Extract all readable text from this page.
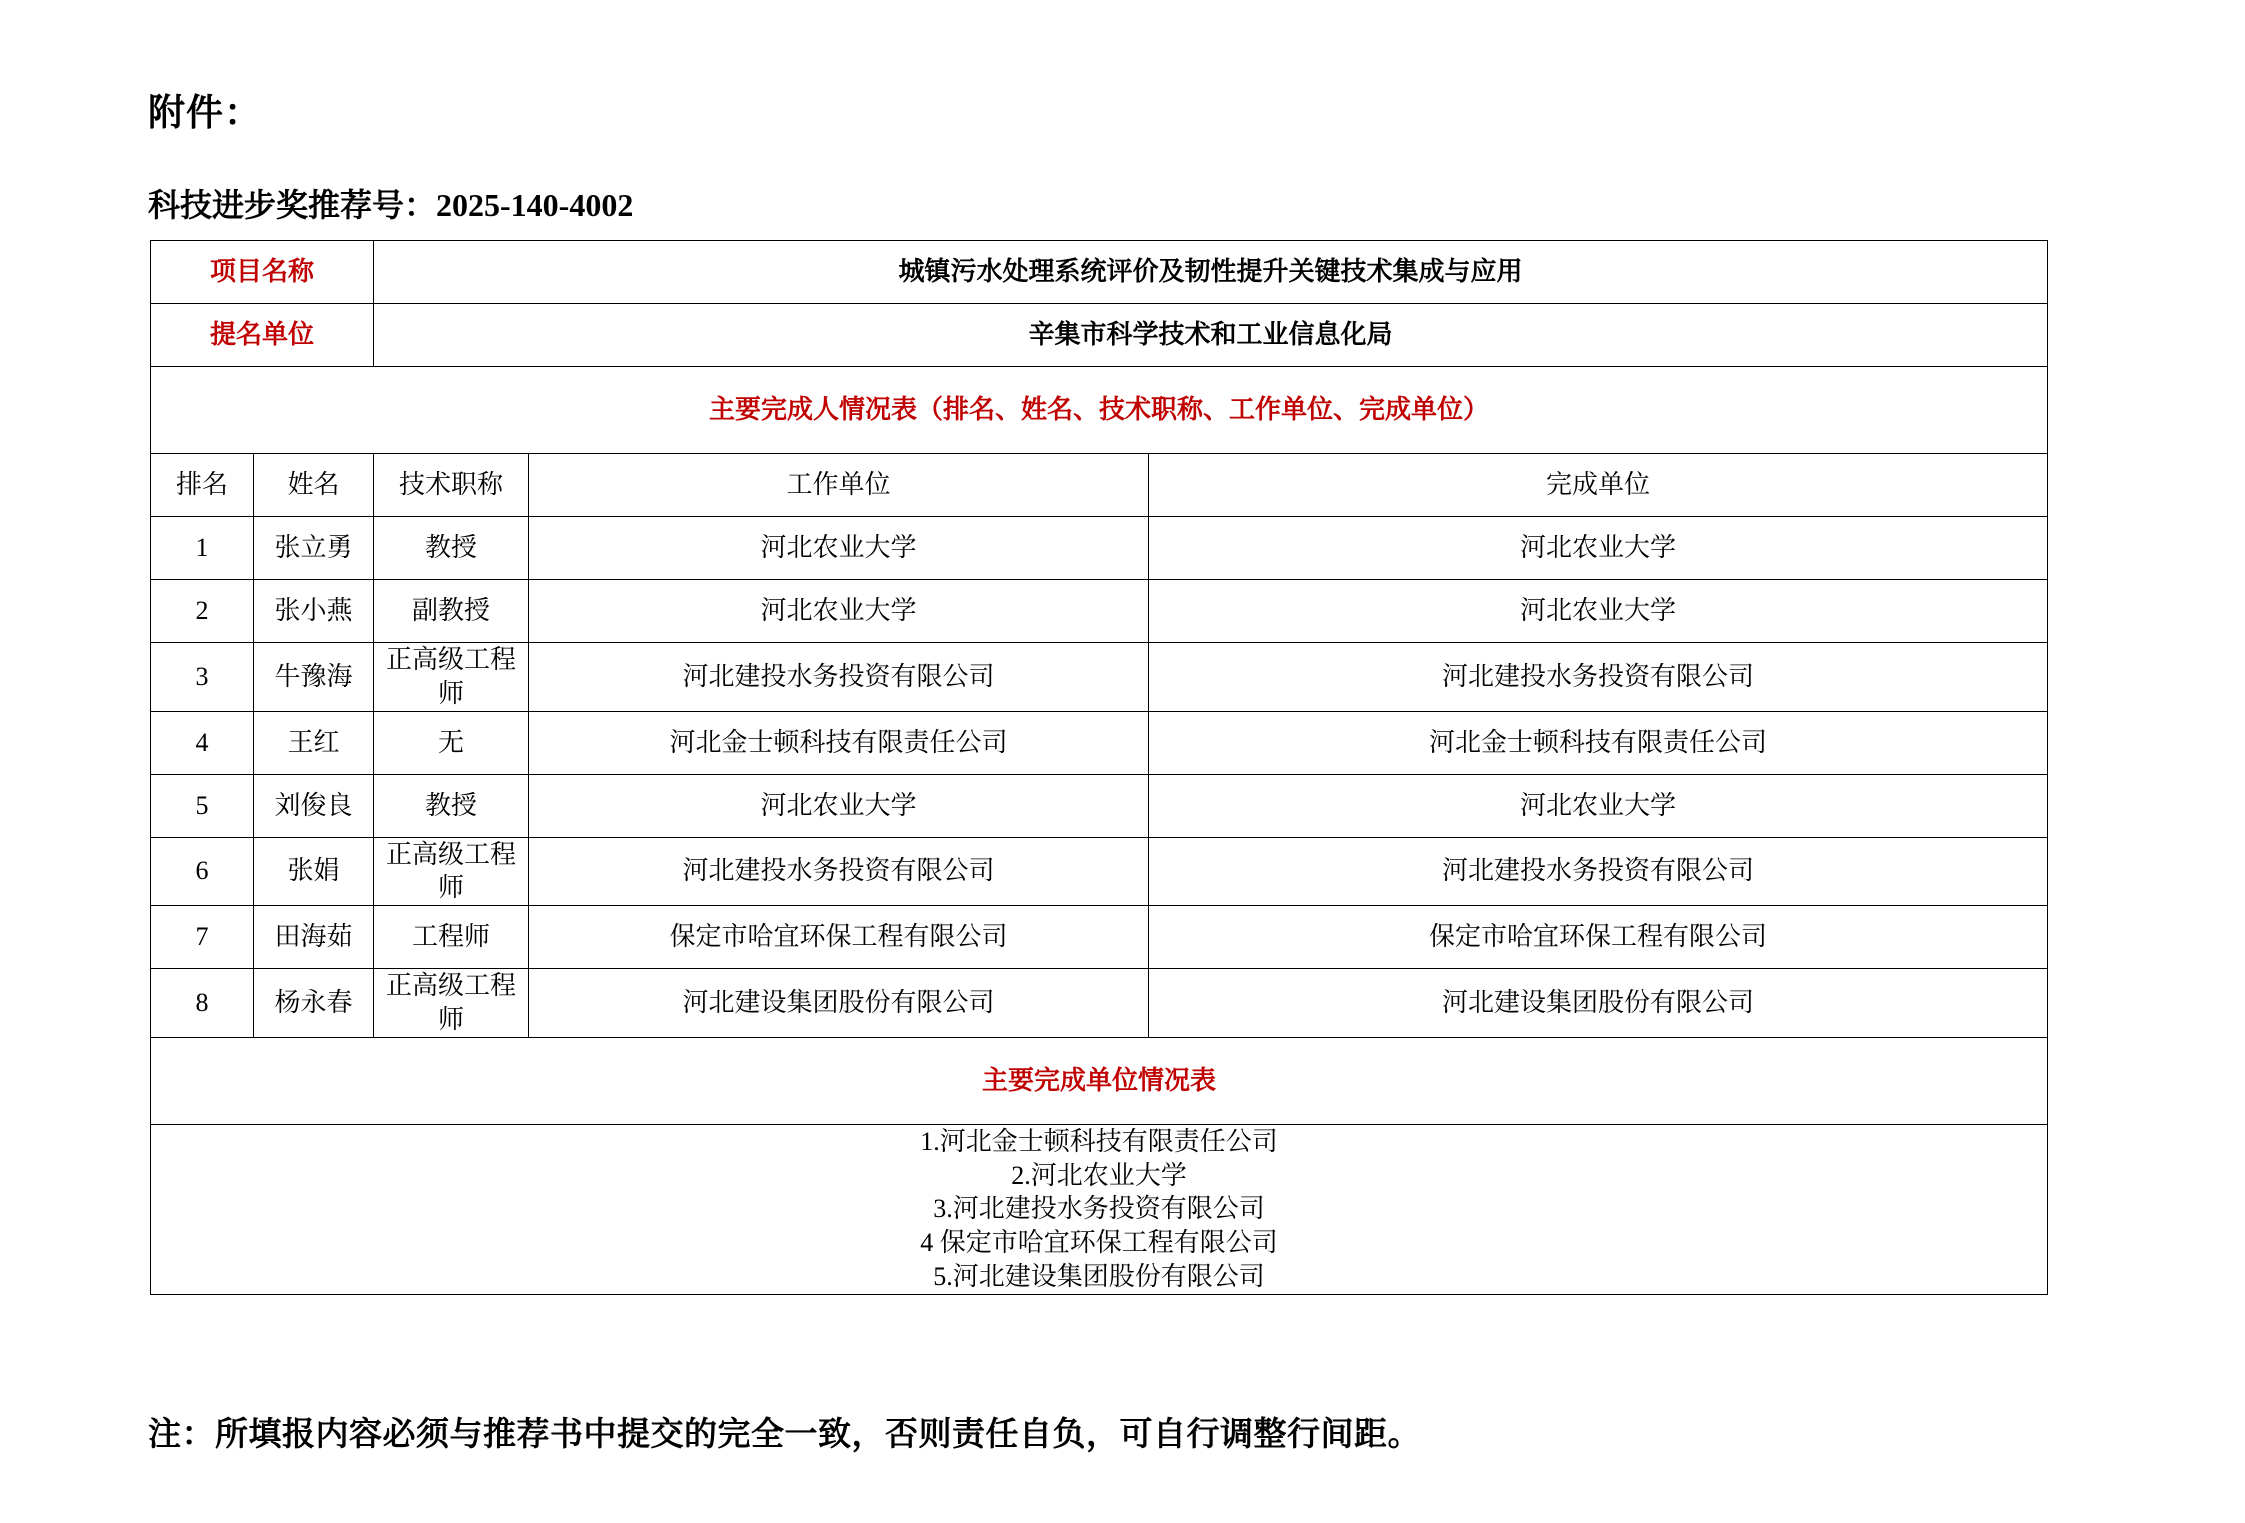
附件：
科技进步奖推荐号：2025-140-4002
项目名称		城镇污水处理系统评价及韧性提升关键技术集成与应用		
提名单位		辛集市科学技术和工业信息化局		
主要完成人情况表（排名、姓名、技术职称、工作单位、完成单位）				
排名	姓名	技术职称	工作单位	完成单位
1	张立勇	教授	河北农业大学	河北农业大学
2	张小燕	副教授	河北农业大学	河北农业大学
3	牛豫海	正高级工程师	河北建投水务投资有限公司	河北建投水务投资有限公司
4	王红	无	河北金士顿科技有限责任公司	河北金士顿科技有限责任公司
5	刘俊良	教授	河北农业大学	河北农业大学
6	张娟	正高级工程师	河北建投水务投资有限公司	河北建投水务投资有限公司
7	田海茹	工程师	保定市哈宜环保工程有限公司	保定市哈宜环保工程有限公司
8	杨永春	正高级工程师	河北建设集团股份有限公司	河北建设集团股份有限公司
主要完成单位情况表				

1.河北金士顿科技有限责任公司
2.河北农业大学
3.河北建投水务投资有限公司
4 保定市哈宜环保工程有限公司
5.河北建设集团股份有限公司				
注：所填报内容必须与推荐书中提交的完全一致，否则责任自负，可自行调整行间距。
